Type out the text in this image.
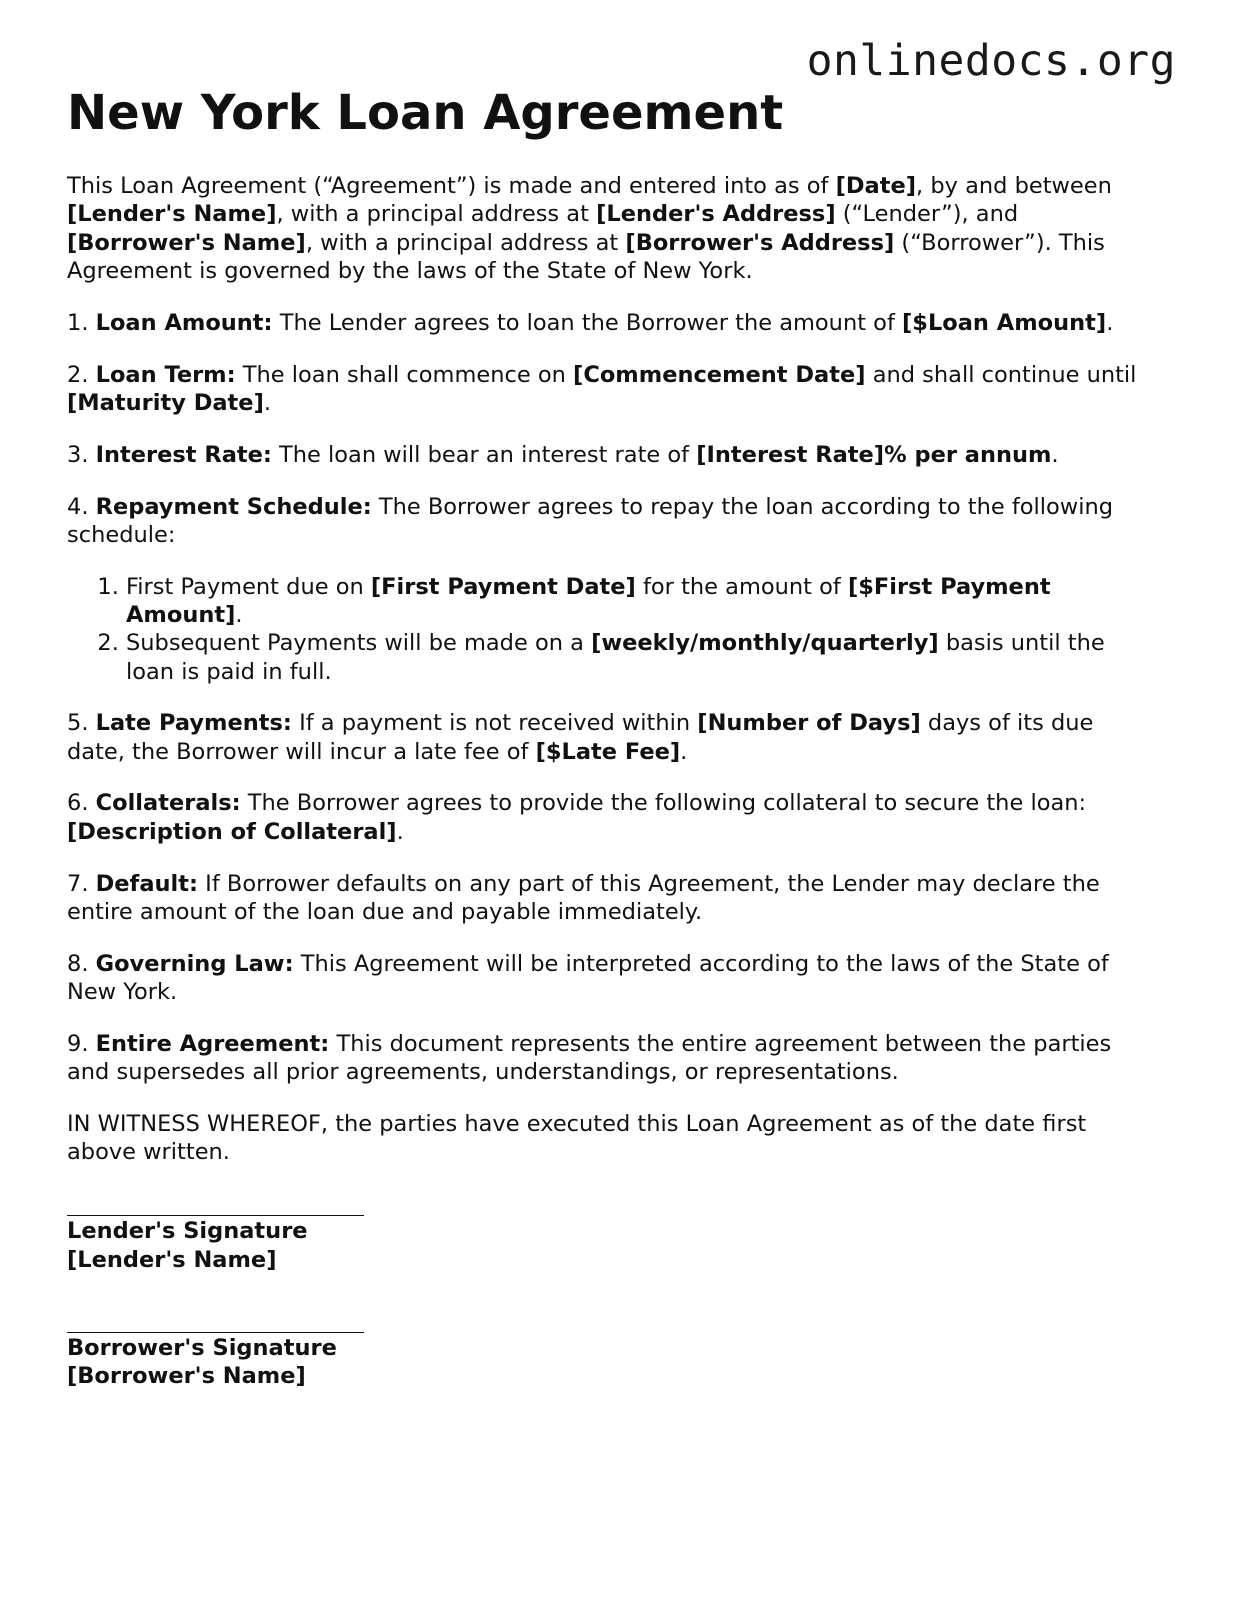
onlinedocs.org
New York Loan Agreement

This Loan Agreement (“Agreement”) is made and entered into as of [Date], by and between [Lender's Name], with a principal address at [Lender's Address] (“Lender”), and [Borrower's Name], with a principal address at [Borrower's Address] (“Borrower”). This Agreement is governed by the laws of the State of New York.

1. Loan Amount: The Lender agrees to loan the Borrower the amount of [$Loan Amount].

2. Loan Term: The loan shall commence on [Commencement Date] and shall continue until [Maturity Date].

3. Interest Rate: The loan will bear an interest rate of [Interest Rate]% per annum.

4. Repayment Schedule: The Borrower agrees to repay the loan according to the following schedule:

1. First Payment due on [First Payment Date] for the amount of [$First Payment Amount].
2. Subsequent Payments will be made on a [weekly/monthly/quarterly] basis until the loan is paid in full.

5. Late Payments: If a payment is not received within [Number of Days] days of its due date, the Borrower will incur a late fee of [$Late Fee].

6. Collaterals: The Borrower agrees to provide the following collateral to secure the loan: [Description of Collateral].

7. Default: If Borrower defaults on any part of this Agreement, the Lender may declare the entire amount of the loan due and payable immediately.

8. Governing Law: This Agreement will be interpreted according to the laws of the State of New York.

9. Entire Agreement: This document represents the entire agreement between the parties and supersedes all prior agreements, understandings, or representations.

IN WITNESS WHEREOF, the parties have executed this Loan Agreement as of the date first above written.

Lender's Signature
[Lender's Name]
Borrower's Signature
[Borrower's Name]
